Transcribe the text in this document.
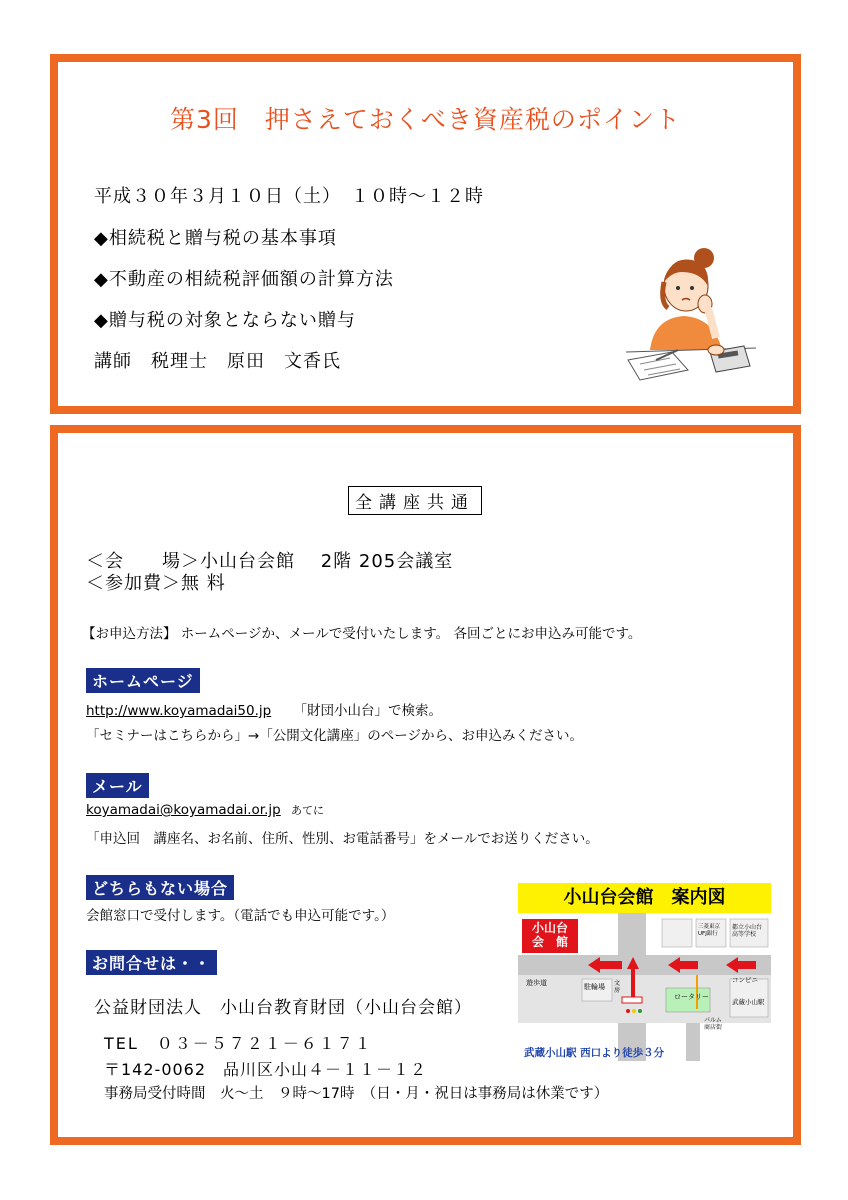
第3回　押さえておくべき資産税のポイント
平成３０年３月１０日（土）　１０時～１２時
◆相続税と贈与税の基本事項
◆不動産の相続税評価額の計算方法
◆贈与税の対象とならない贈与
講師　税理士　原田　文香氏
全講座共通
＜会　　場＞小山台会館　 2階 205会議室
＜参加費＞無 料
【お申込方法】 ホームページか、メールで受付いたします。 各回ごとにお申込み可能です。
ホームページ
http://www.koyamadai50.jp 「財団小山台」で検索。
「セミナーはこちらから」→「公開文化講座」のページから、お申込みください。
メール
koyamadai@koyamadai.or.jp あてに
「申込回　講座名、お名前、住所、性別、お電話番号」をメールでお送りください。
どちらもない場合
会館窓口で受付します。（電話でも申込可能です。）
お問合せは・・
公益財団法人　小山台教育財団（小山台会館）
TEL　０３－５７２１－６１７１
〒142-0062　品川区小山４－１１－１２
事務局受付時間　火～土　９時～17時　（日・月・祝日は事務局は休業です）
小山台会館　案内図
小山台
会　館
遊歩道	駐輪場 文
房
三菱東京
UFJ銀行
都立小山台
高等学校
コンビニ
武蔵小山駅
ロータリー
パルム
商店街
武蔵小山駅 西口より徒歩３分
